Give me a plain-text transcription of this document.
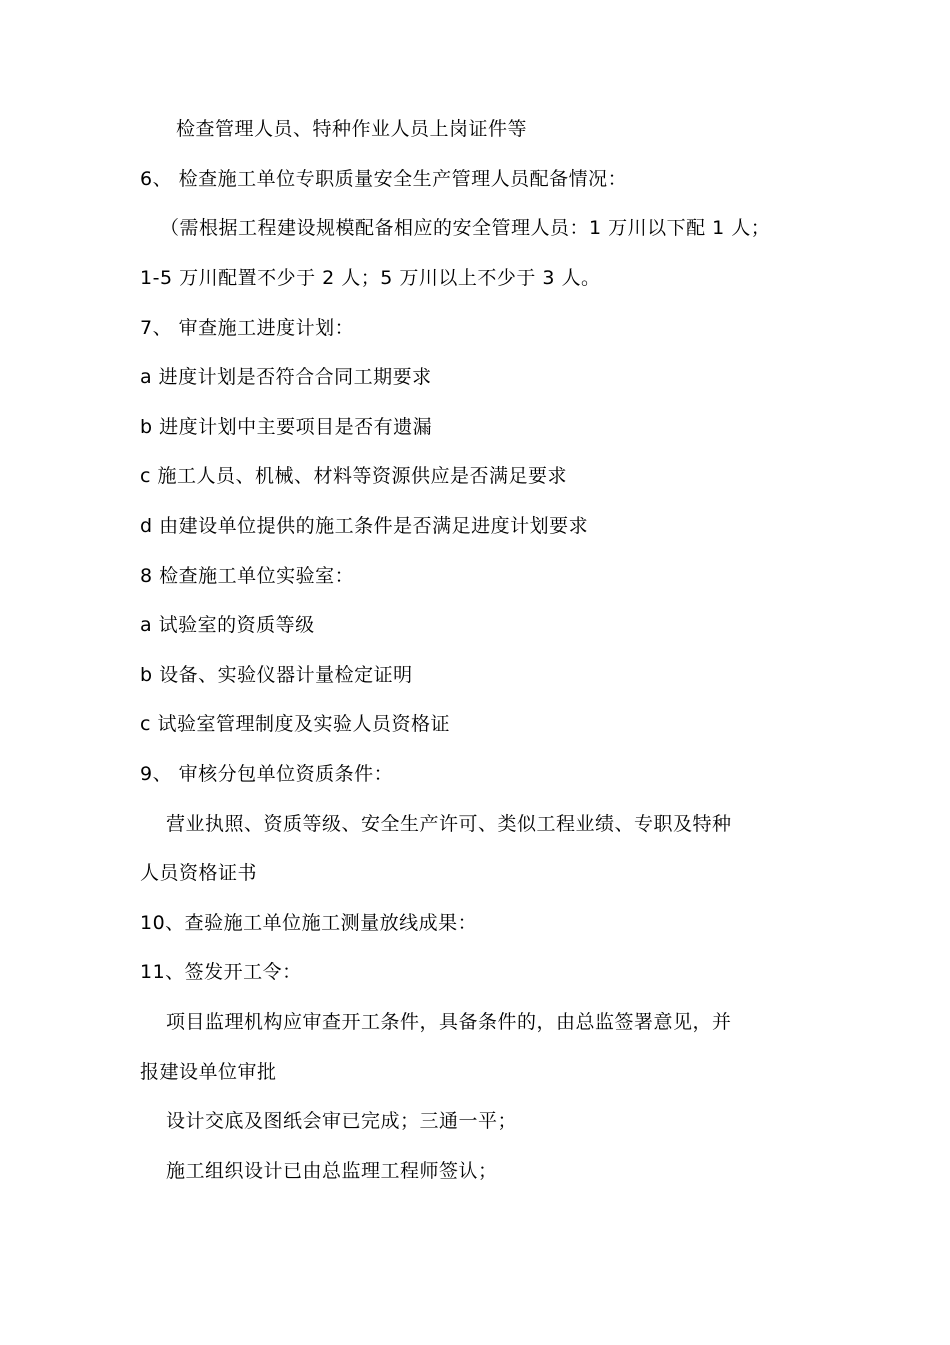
检查管理人员、特种作业人员上岗证件等
6、 检查施工单位专职质量安全生产管理人员配备情况：
（需根据工程建设规模配备相应的安全管理人员：1 万川以下配 1 人；
1-5 万川配置不少于 2 人；5 万川以上不少于 3 人。
7、 审查施工进度计划：
a 进度计划是否符合合同工期要求
b 进度计划中主要项目是否有遗漏
c 施工人员、机械、材料等资源供应是否满足要求
d 由建设单位提供的施工条件是否满足进度计划要求
8 检查施工单位实验室：
a 试验室的资质等级
b 设备、实验仪器计量检定证明
c 试验室管理制度及实验人员资格证
9、 审核分包单位资质条件：
营业执照、资质等级、安全生产许可、类似工程业绩、专职及特种
人员资格证书
10、查验施工单位施工测量放线成果：
11、签发开工令：
项目监理机构应审查开工条件，具备条件的，由总监签署意见，并
报建设单位审批
设计交底及图纸会审已完成；三通一平；
施工组织设计已由总监理工程师签认；
